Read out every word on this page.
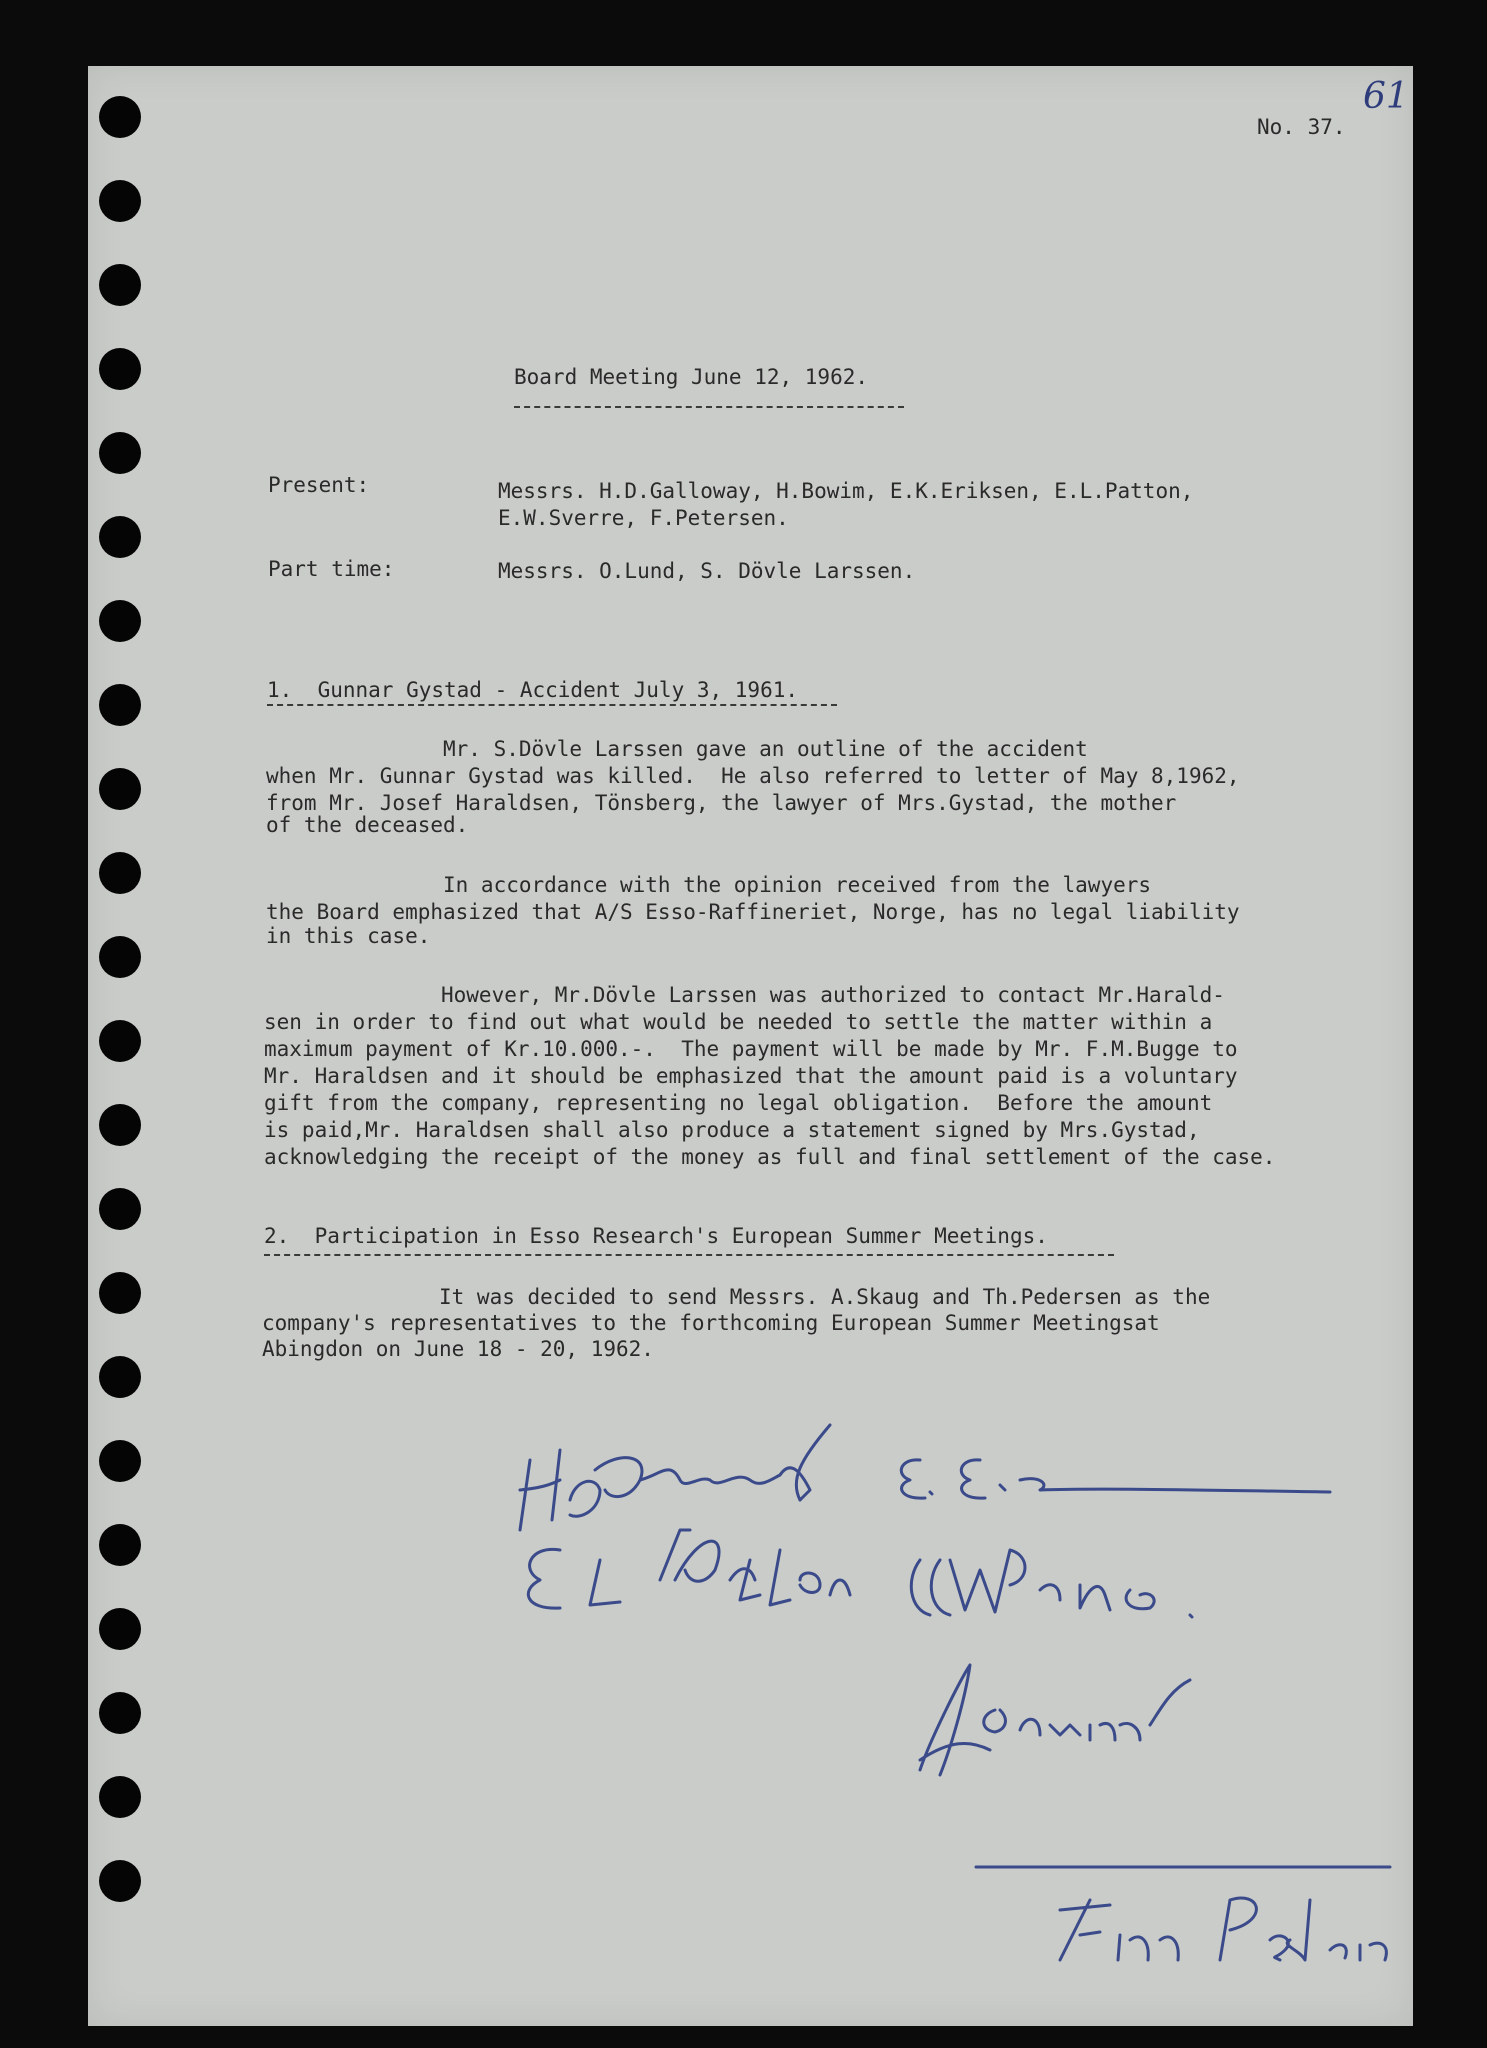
61
No. 37.
Board Meeting June 12, 1962.
Present:	Messrs. H.D.Galloway, H.Bowim, E.K.Eriksen, E.L.Patton,
E.W.Sverre, F.Petersen.
Part time:	Messrs. O.Lund, S. Dövle Larssen.
1.  Gunnar Gystad - Accident July 3, 1961.
Mr. S.Dövle Larssen gave an outline of the accident
when Mr. Gunnar Gystad was killed.  He also referred to letter of May 8,1962,
from Mr. Josef Haraldsen, Tönsberg, the lawyer of Mrs.Gystad, the mother
of the deceased.
In accordance with the opinion received from the lawyers
the Board emphasized that A/S Esso-Raffineriet, Norge, has no legal liability
in this case.
However, Mr.Dövle Larssen was authorized to contact Mr.Harald-
sen in order to find out what would be needed to settle the matter within a
maximum payment of Kr.10.000.-.  The payment will be made by Mr. F.M.Bugge to
Mr. Haraldsen and it should be emphasized that the amount paid is a voluntary
gift from the company, representing no legal obligation.  Before the amount
is paid,Mr. Haraldsen shall also produce a statement signed by Mrs.Gystad,
acknowledging the receipt of the money as full and final settlement of the case.
2.  Participation in Esso Research's European Summer Meetings.
It was decided to send Messrs. A.Skaug and Th.Pedersen as the
company's representatives to the forthcoming European Summer Meetingsat
Abingdon on June 18 - 20, 1962.
